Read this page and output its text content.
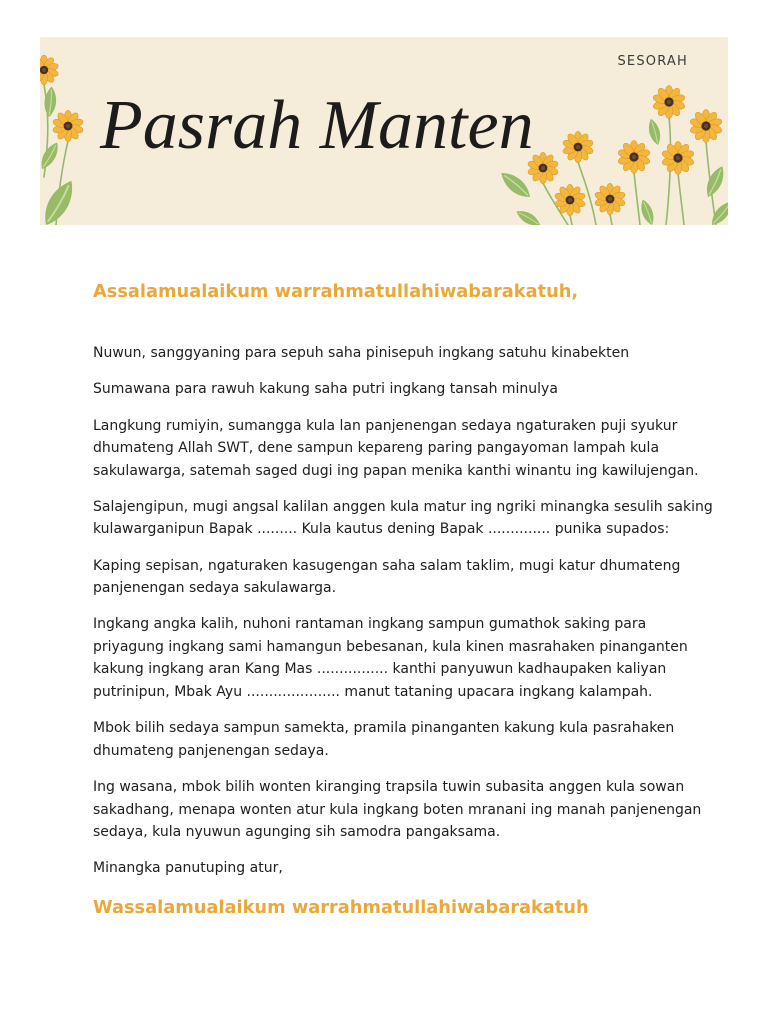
SESORAH
Pasrah Manten
Assalamualaikum warrahmatullahiwabarakatuh,
Nuwun, sanggyaning para sepuh saha pinisepuh ingkang satuhu kinabekten
Sumawana para rawuh kakung saha putri ingkang tansah minulya
Langkung rumiyin, sumangga kula lan panjenengan sedaya ngaturaken puji syukur
dhumateng Allah SWT, dene sampun kepareng paring pangayoman lampah kula
sakulawarga, satemah saged dugi ing papan menika kanthi winantu ing kawilujengan.
Salajengipun, mugi angsal kalilan anggen kula matur ing ngriki minangka sesulih saking
kulawarganipun Bapak ......... Kula kautus dening Bapak .............. punika supados:
Kaping sepisan, ngaturaken kasugengan saha salam taklim, mugi katur dhumateng
panjenengan sedaya sakulawarga.
Ingkang angka kalih, nuhoni rantaman ingkang sampun gumathok saking para
priyagung ingkang sami hamangun bebesanan, kula kinen masrahaken pinanganten
kakung ingkang aran Kang Mas ................ kanthi panyuwun kadhaupaken kaliyan
putrinipun, Mbak Ayu ..................... manut tataning upacara ingkang kalampah.
Mbok bilih sedaya sampun samekta, pramila pinanganten kakung kula pasrahaken
dhumateng panjenengan sedaya.
Ing wasana, mbok bilih wonten kiranging trapsila tuwin subasita anggen kula sowan
sakadhang, menapa wonten atur kula ingkang boten mranani ing manah panjenengan
sedaya, kula nyuwun agunging sih samodra pangaksama.
Minangka panutuping atur,
Wassalamualaikum warrahmatullahiwabarakatuh
